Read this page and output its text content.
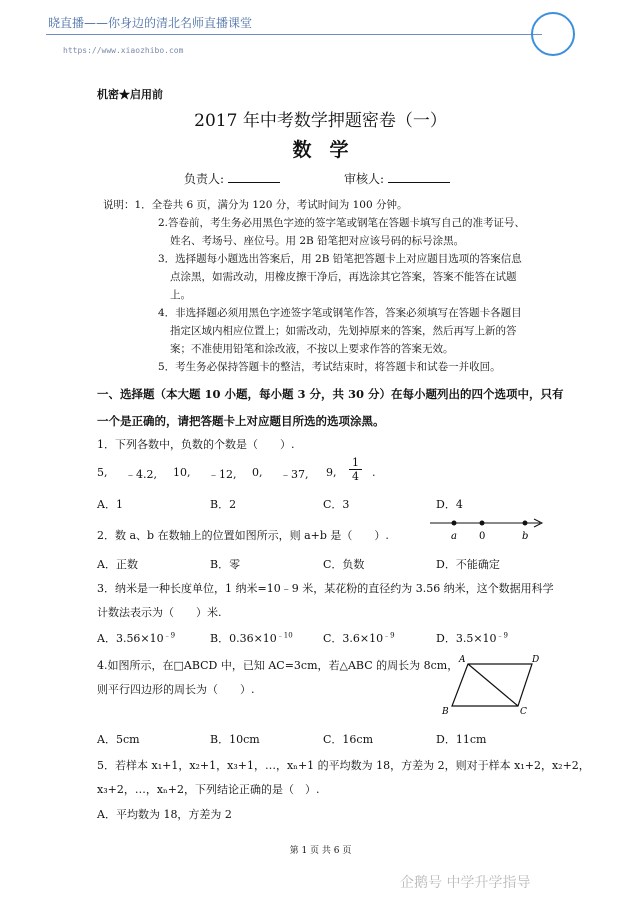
晓直播——你身边的清北名师直播课堂
https://www.xiaozhibo.com
机密★启用前
2017 年中考数学押题密卷（一）
数学
负责人:	审核人:
说明：1．全卷共 6 页，满分为 120 分，考试时间为 100 分钟。
2.答卷前，考生务必用黑色字迹的签字笔或钢笔在答题卡填写自己的准考证号、
姓名、考场号、座位号。用 2B 铅笔把对应该号码的标号涂黑。
3．选择题每小题选出答案后，用 2B 铅笔把答题卡上对应题目选项的答案信息
点涂黑，如需改动，用橡皮擦干净后，再选涂其它答案，答案不能答在试题
上。
4．非选择题必须用黑色字迹签字笔或钢笔作答，答案必须填写在答题卡各题目
指定区域内相应位置上；如需改动，先划掉原来的答案，然后再写上新的答
案；不准使用铅笔和涂改液，不按以上要求作答的答案无效。
5．考生务必保持答题卡的整洁，考试结束时，将答题卡和试卷一并收回。
一、选择题（本大题 10 小题，每小题 3 分，共 30 分）在每小题列出的四个选项中，只有一个是正确的，请把答题卡上对应题目所选的选项涂黑。
1．下列各数中，负数的个数是（　　）.
5, ﹣4.2, 10, ﹣12, 0, ﹣37, 9, $\frac{1}{4}$ .
A．1	B．2	C．3	D．4
2．数 a、b 在数轴上的位置如图所示，则 a+b 是（　　）.	a 0	b
A．正数	B．零	C．负数	D．不能确定
3．纳米是一种长度单位，1 纳米=10﹣9 米，某花粉的直径约为 3.56 纳米，这个数据用科学
计数法表示为（　　）米.
A．$3.56\times 10^{﹣9}$	B．$0.36\times 10^{﹣10}$	C．$3.6\times 10^{﹣9}$	D．$3.5\times 10^{﹣9}$
4.如图所示，在□ABCD 中，已知 AC=3cm，若△ABC 的周长为 8cm，
则平行四边形的周长为（　　）.
A	D
B	C
A．5cm	B．10cm	C．16cm	D．11cm
5．若样本 x₁+1，x₂+1，x₃+1，…，xₙ+1 的平均数为 18，方差为 2，则对于样本 x₁+2，x₂+2，
x₃+2，…，xₙ+2，下列结论正确的是（　）.
A．平均数为 18，方差为 2
第 1 页 共 6 页
企鹅号 中学升学指导
